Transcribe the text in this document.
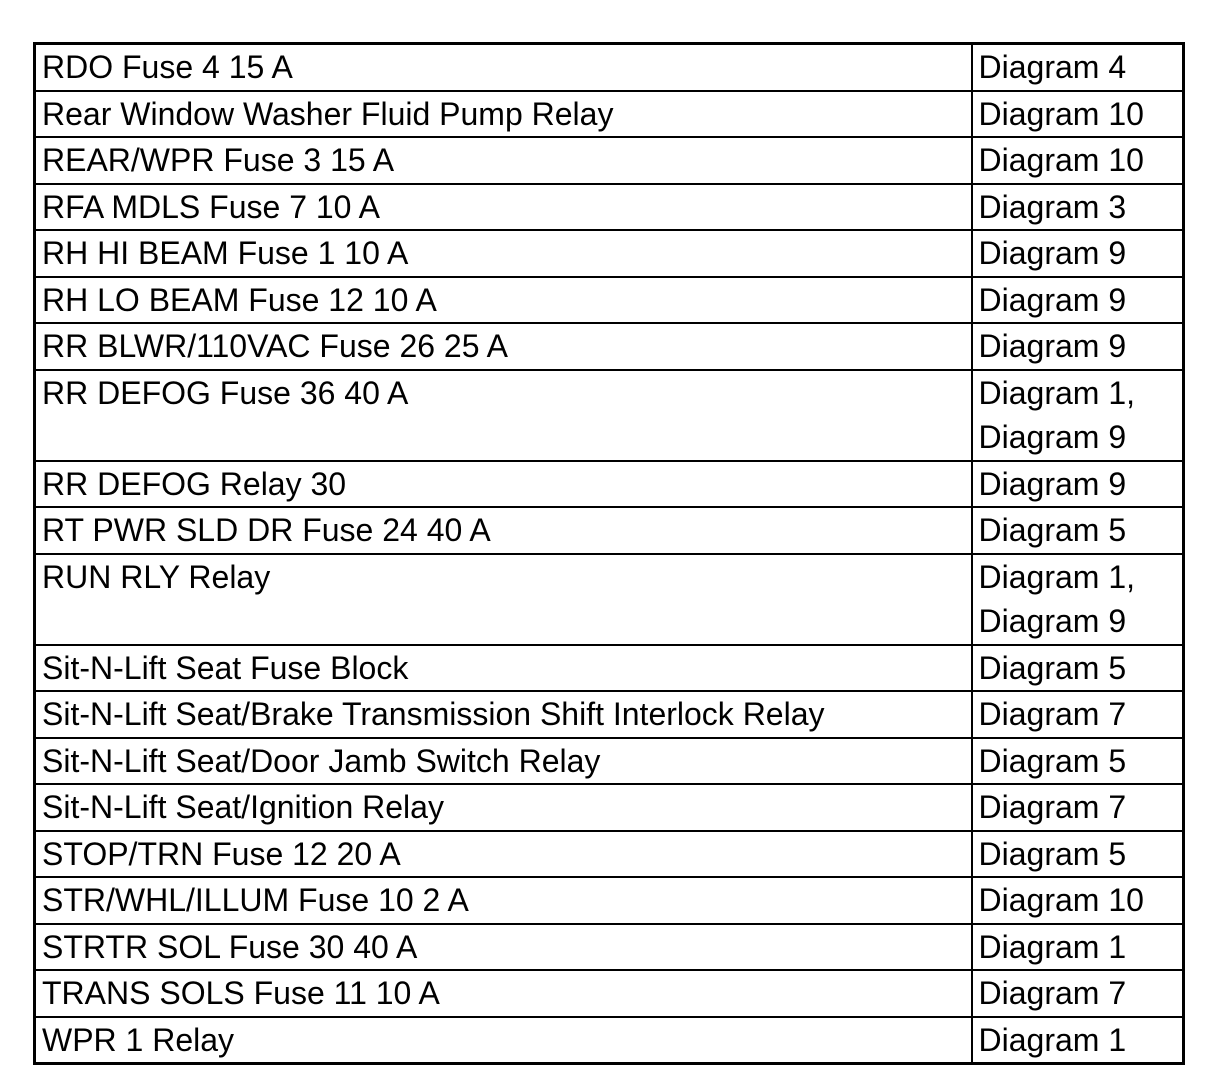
RDO Fuse 4 15 A	Diagram 4
Rear Window Washer Fluid Pump Relay	Diagram 10
REAR/WPR Fuse 3 15 A	Diagram 10
RFA MDLS Fuse 7 10 A	Diagram 3
RH HI BEAM Fuse 1 10 A	Diagram 9
RH LO BEAM Fuse 12 10 A	Diagram 9
RR BLWR/110VAC Fuse 26 25 A	Diagram 9
RR DEFOG Fuse 36 40 A	Diagram 1,
Diagram 9
RR DEFOG Relay 30	Diagram 9
RT PWR SLD DR Fuse 24 40 A	Diagram 5
RUN RLY Relay	Diagram 1,
Diagram 9
Sit-N-Lift Seat Fuse Block	Diagram 5
Sit-N-Lift Seat/Brake Transmission Shift Interlock Relay	Diagram 7
Sit-N-Lift Seat/Door Jamb Switch Relay	Diagram 5
Sit-N-Lift Seat/Ignition Relay	Diagram 7
STOP/TRN Fuse 12 20 A	Diagram 5
STR/WHL/ILLUM Fuse 10 2 A	Diagram 10
STRTR SOL Fuse 30 40 A	Diagram 1
TRANS SOLS Fuse 11 10 A	Diagram 7
WPR 1 Relay	Diagram 1
